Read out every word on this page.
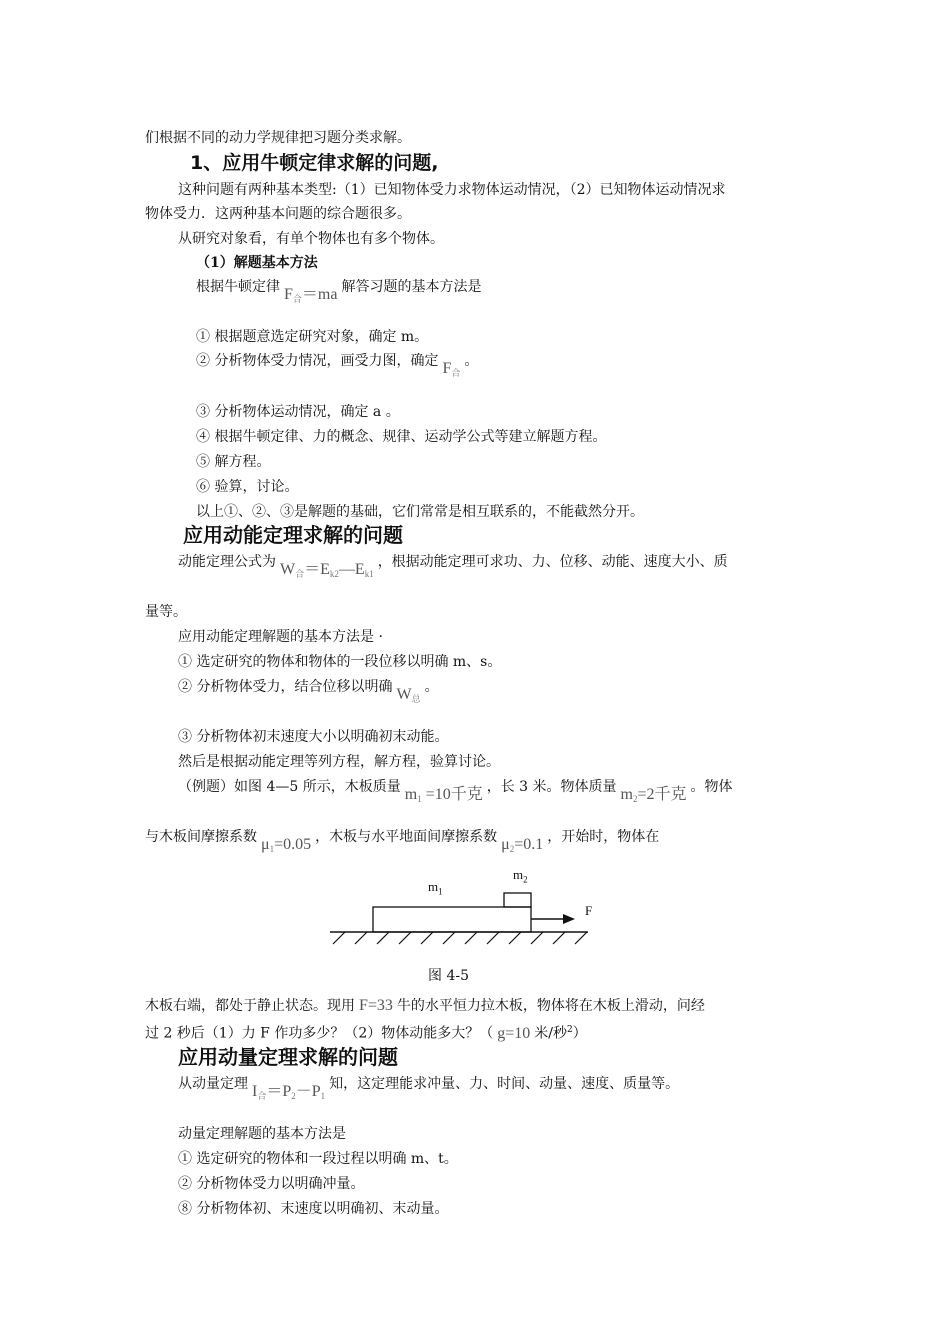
们根据不同的动力学规律把习题分类求解。
1、应用牛顿定律求解的问题,
这种问题有两种基本类型:（1）已知物体受力求物体运动情况，（2）已知物体运动情况求
物体受力．这两种基本问题的综合题很多。
从研究对象看，有单个物体也有多个物体。
（1）解题基本方法
根据牛顿定律 $F_合=ma$ 解答习题的基本方法是
① 根据题意选定研究对象，确定 m。
② 分析物体受力情况，画受力图，确定 $F_合$。
③ 分析物体运动情况，确定 a 。
④ 根据牛顿定律、力的概念、规律、运动学公式等建立解题方程。
⑤ 解方程。
⑥ 验算，讨论。
以上①、②、③是解题的基础，它们常常是相互联系的，不能截然分开。
应用动能定理求解的问题
动能定理公式为 $W_合=E_{k2}—E_{k1}$，根据动能定理可求功、力、位移、动能、速度大小、质
量等。
应用动能定理解题的基本方法是 ·
① 选定研究的物体和物体的一段位移以明确 m、s。
② 分析物体受力，结合位移以明确 $W_总$。
③ 分析物体初末速度大小以明确初末动能。
然后是根据动能定理等列方程，解方程，验算讨论。
（例题）如图 4—5 所示，木板质量 $m_1 =10$千克 ，长 3 米。物体质量 $m_2=2$千克 。物体
与木板间摩擦系数 $\mu_1=0.05$ ，木板与水平地面间摩擦系数 $\mu_2=0.1$ ，开始时，物体在
$m_1$
$m_2$
F
图 4-5
木板右端，都处于静止状态。现用 F=33 牛的水平恒力拉木板，物体将在木板上滑动，问经
过 2 秒后（1）力 F 作功多少？（2）物体动能多大？（ g=10 米/秒$^2$）
应用动量定理求解的问题
从动量定理 $I_合=P_2-P_1$知，这定理能求冲量、力、时间、动量、速度、质量等。
动量定理解题的基本方法是
① 选定研究的物体和一段过程以明确 m、t。
② 分析物体受力以明确冲量。
⑧ 分析物体初、末速度以明确初、末动量。
